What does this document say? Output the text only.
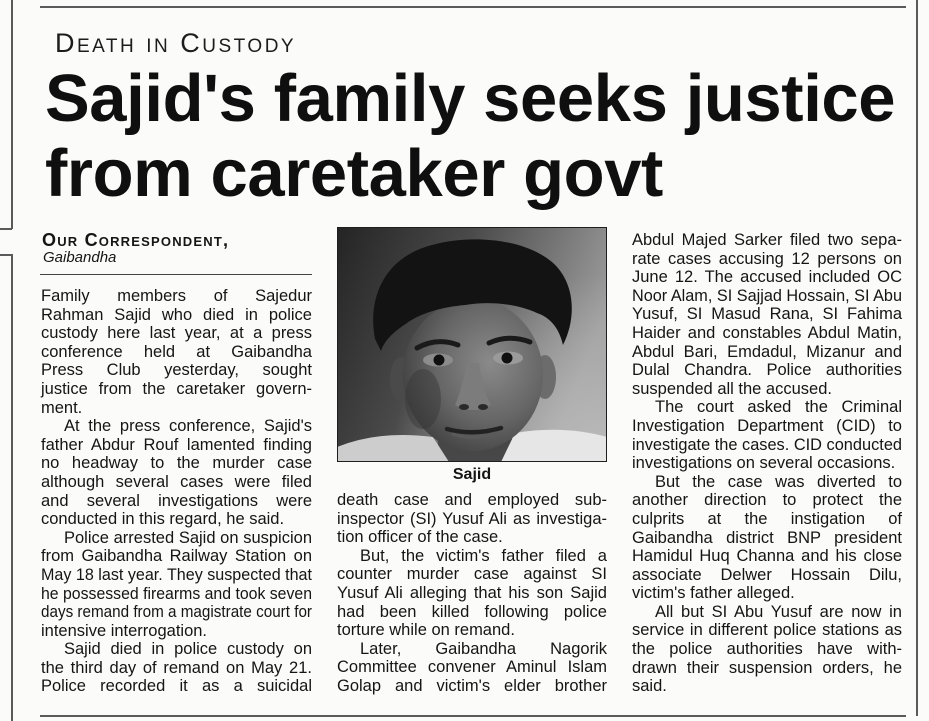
Death in Custody
Sajid's family seeks justice
from caretaker govt
Our Correspondent,
Gaibandha
Sajid
Family members of Sajedur
Rahman Sajid who died in police
custody here last year, at a press
conference held at Gaibandha
Press Club yesterday, sought
justice from the caretaker govern-
ment.
At the press conference, Sajid's
father Abdur Rouf lamented finding
no headway to the murder case
although several cases were filed
and several investigations were
conducted in this regard, he said.
Police arrested Sajid on suspicion
from Gaibandha Railway Station on
May 18 last year. They suspected that
he possessed firearms and took seven
days remand from a magistrate court for
intensive interrogation.
Sajid died in police custody on
the third day of remand on May 21.
Police recorded it as a suicidal
death case and employed sub-
inspector (SI) Yusuf Ali as investiga-
tion officer of the case.
But, the victim's father filed a
counter murder case against SI
Yusuf Ali alleging that his son Sajid
had been killed following police
torture while on remand.
Later, Gaibandha Nagorik
Committee convener Aminul Islam
Golap and victim's elder brother
Abdul Majed Sarker filed two sepa-
rate cases accusing 12 persons on
June 12. The accused included OC
Noor Alam, SI Sajjad Hossain, SI Abu
Yusuf, SI Masud Rana, SI Fahima
Haider and constables Abdul Matin,
Abdul Bari, Emdadul, Mizanur and
Dulal Chandra. Police authorities
suspended all the accused.
The court asked the Criminal
Investigation Department (CID) to
investigate the cases. CID conducted
investigations on several occasions.
But the case was diverted to
another direction to protect the
culprits at the instigation of
Gaibandha district BNP president
Hamidul Huq Channa and his close
associate Delwer Hossain Dilu,
victim's father alleged.
All but SI Abu Yusuf are now in
service in different police stations as
the police authorities have with-
drawn their suspension orders, he
said.
